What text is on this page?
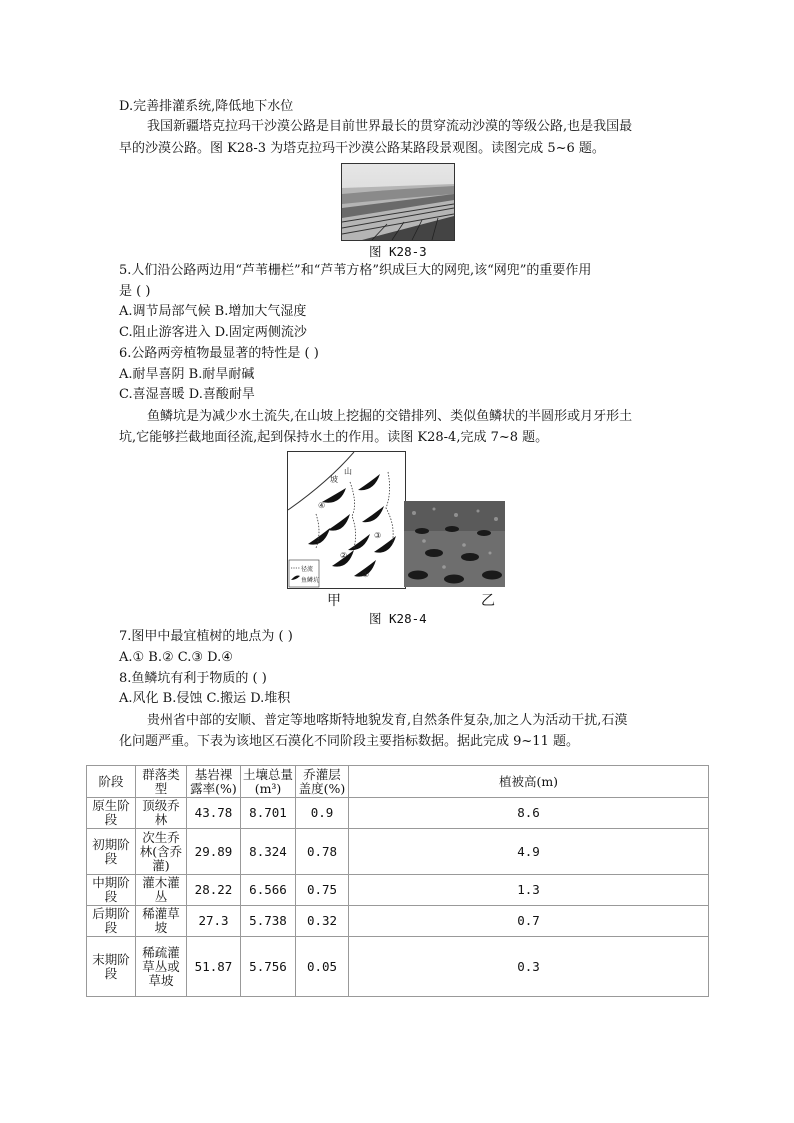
D.完善排灌系统,降低地下水位
我国新疆塔克拉玛干沙漠公路是目前世界最长的贯穿流动沙漠的等级公路,也是我国最
早的沙漠公路。图 K28-3 为塔克拉玛干沙漠公路某路段景观图。读图完成 5~6 题。
图 K28-3
5.人们沿公路两边用“芦苇栅栏”和“芦苇方格”织成巨大的网兜,该“网兜”的重要作用
是 ( )
A.调节局部气候 B.增加大气湿度
C.阻止游客进入 D.固定两侧流沙
6.公路两旁植物最显著的特性是 ( )
A.耐旱喜阴 B.耐旱耐碱
C.喜湿喜暖 D.喜酸耐旱
鱼鳞坑是为减少水土流失,在山坡上挖掘的交错排列、类似鱼鳞状的半圆形或月牙形土
坑,它能够拦截地面径流,起到保持水土的作用。读图 K28-4,完成 7~8 题。
山
坡
④
③
②
①
径流
鱼鳞坑
甲	乙
图 K28-4
7.图甲中最宜植树的地点为 ( )
A.① B.② C.③ D.④
8.鱼鳞坑有利于物质的 ( )
A.风化 B.侵蚀 C.搬运 D.堆积
贵州省中部的安顺、普定等地喀斯特地貌发育,自然条件复杂,加之人为活动干扰,石漠
化问题严重。下表为该地区石漠化不同阶段主要指标数据。据此完成 9~11 题。
阶段	群落类型	基岩裸露率(%)	土壤总量(m³)	乔灌层盖度(%)	植被高(m)
原生阶段	顶级乔林	43.78	8.701	0.9	8.6
初期阶段	次生乔林(含乔灌)	29.89	8.324	0.78	4.9
中期阶段	灌木灌丛	28.22	6.566	0.75	1.3
后期阶段	稀灌草坡	27.3	5.738	0.32	0.7
末期阶段	稀疏灌草丛或草坡	51.87	5.756	0.05	0.3
